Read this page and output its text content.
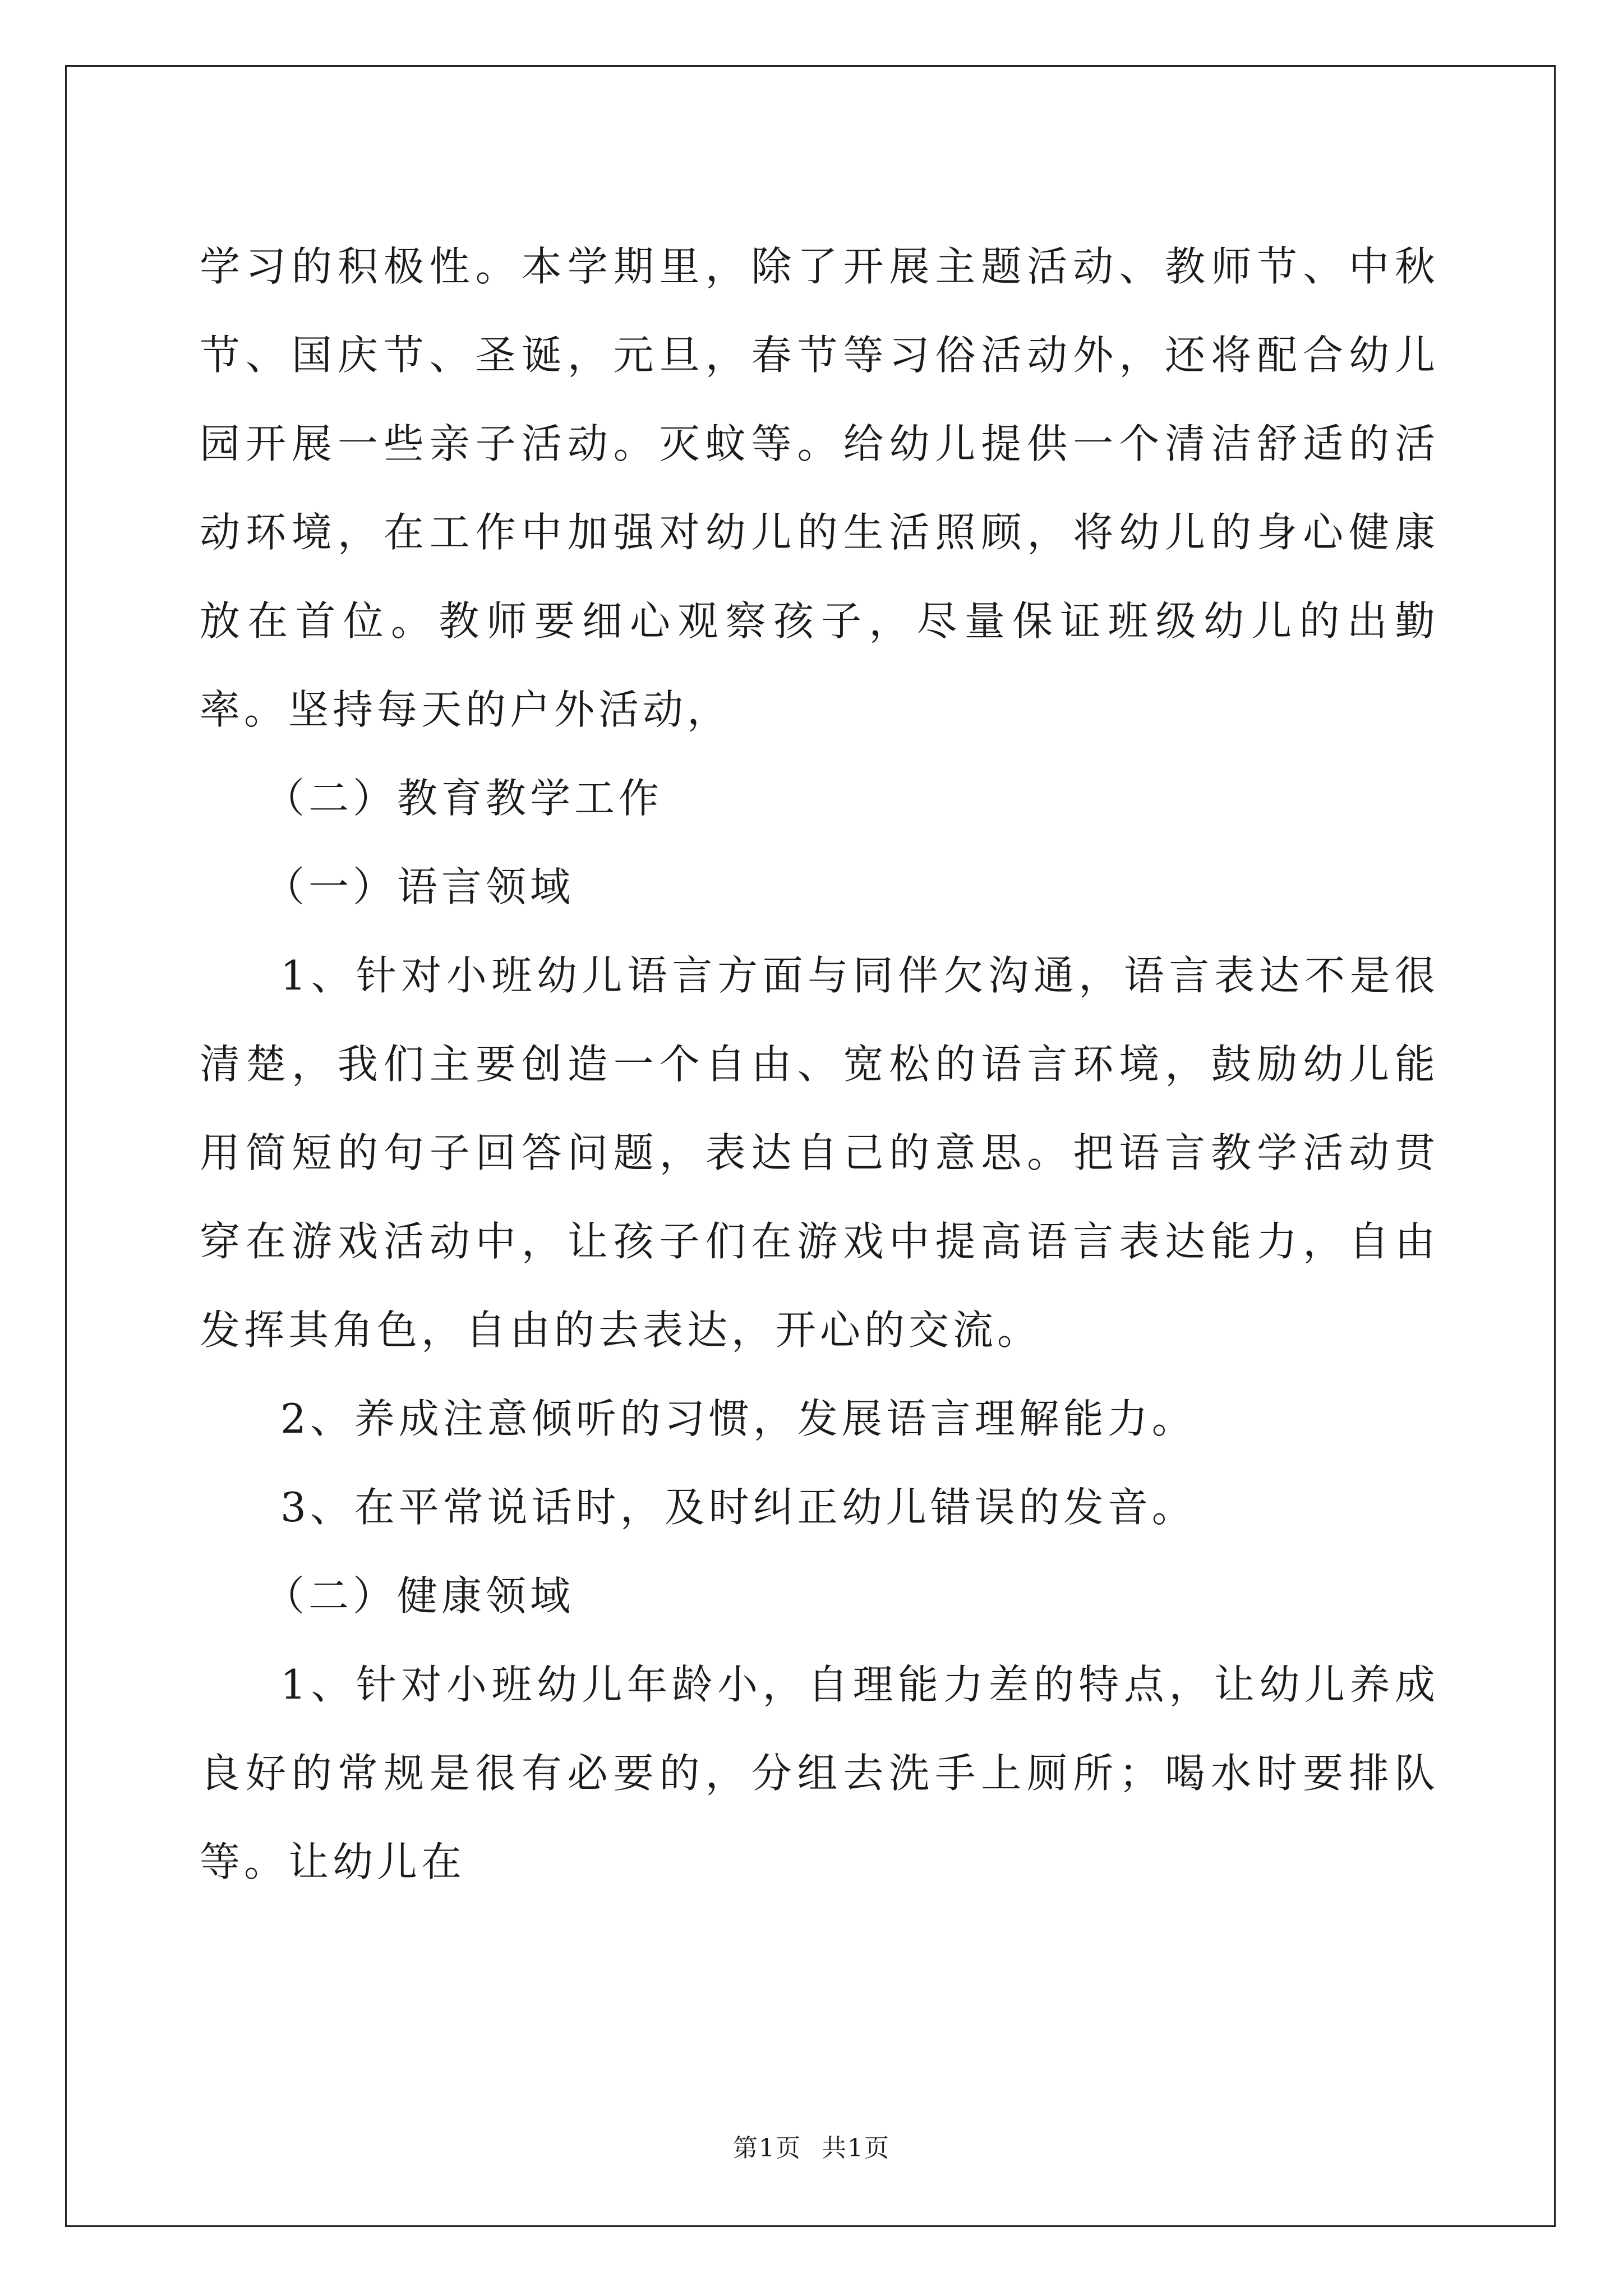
学习的积极性。本学期里，除了开展主题活动、教师节、中秋节、国庆节、圣诞，元旦，春节等习俗活动外，还将配合幼儿园开展一些亲子活动。灭蚊等。给幼儿提供一个清洁舒适的活动环境，在工作中加强对幼儿的生活照顾，将幼儿的身心健康放在首位。教师要细心观察孩子，尽量保证班级幼儿的出勤率。坚持每天的户外活动，

（二）教育教学工作

（一）语言领域

1、针对小班幼儿语言方面与同伴欠沟通，语言表达不是很清楚，我们主要创造一个自由、宽松的语言环境，鼓励幼儿能用简短的句子回答问题，表达自己的意思。把语言教学活动贯穿在游戏活动中，让孩子们在游戏中提高语言表达能力，自由发挥其角色，自由的去表达，开心的交流。

2、养成注意倾听的习惯，发展语言理解能力。

3、在平常说话时，及时纠正幼儿错误的发音。

（二）健康领域

1、针对小班幼儿年龄小，自理能力差的特点，让幼儿养成良好的常规是很有必要的，分组去洗手上厕所；喝水时要排队等。让幼儿在

第1页 共1页
